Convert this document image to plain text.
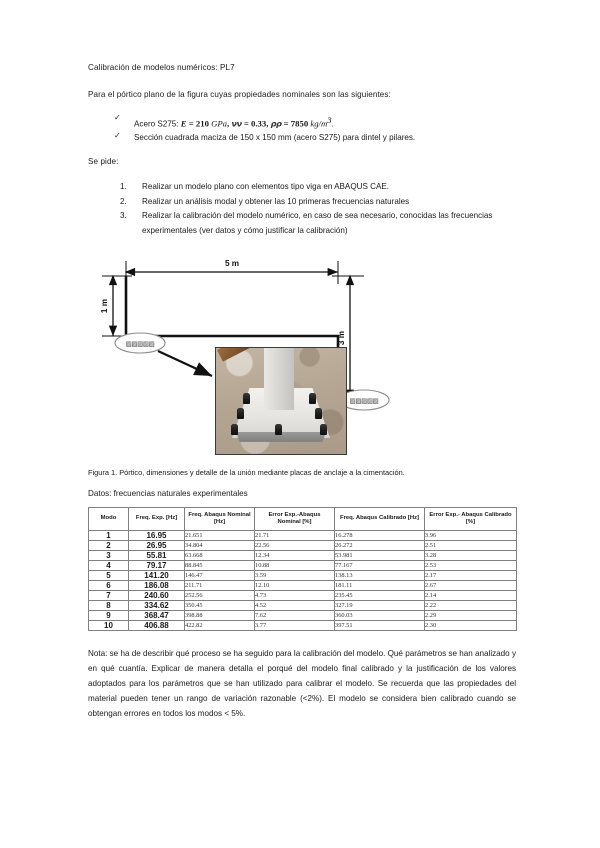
Calibración de modelos numéricos: PL7

Para el pórtico plano de la figura cuyas propiedades nominales son las siguientes:

✓
Acero S275: E = 210 GPa, νν = 0.33, ρρ = 7850 $kg/m^3$.
✓ Sección cuadrada maciza de 150 x 150 mm (acero S275) para dintel y pilares.

Se pide:

1. Realizar un modelo plano con elementos tipo viga en ABAQUS CAE.
2. Realizar un análisis modal y obtener las 10 primeras frecuencias naturales
3. Realizar la calibración del modelo numérico, en caso de sea necesario, conocidas las frecuencias experimentales (ver datos y cómo justificar la calibración)
5 m
1 m
3 m
▨▨▨▨▨
▨▨▨▨▨

Figura 1. Pórtico, dimensiones y detalle de la unión mediante placas de anclaje a la cimentación.

Datos: frecuencias naturales experimentales

Modo	Freq. Exp. [Hz]	Freq. Abaqus Nominal [Hz]	Error Exp.-Abaqus Nominal [%]	Freq. Abaqus Calibrado [Hz]	Error Exp.- Abaqus Calibrado [%]
1	16.95	21.651	21.71	16.278	3.96
2	26.95	34.804	22.56	26.272	2.51
3	55.81	63.668	12.34	53.981	3.28
4	79.17	88.845	10.88	77.167	2.53
5	141.20	146.47	3.59	138.13	2.17
6	186.08	211.71	12.10	181.11	2.67
7	240.60	252.56	4.73	235.45	2.14
8	334.62	350.45	4.52	327.19	2.22
9	368.47	398.88	7.62	360.03	2.29
10	406.88	422.82	3.77	397.51	2.30

Nota: se ha de describir qué proceso se ha seguido para la calibración del modelo. Qué parámetros se han analizado y en qué cuantía. Explicar de manera detalla el porqué del modelo final calibrado y la justificación de los valores adoptados para los parámetros que se han utilizado para calibrar el modelo. Se recuerda que las propiedades del material pueden tener un rango de variación razonable (<2%). El modelo se considera bien calibrado cuando se obtengan errores en todos los modos < 5%.
